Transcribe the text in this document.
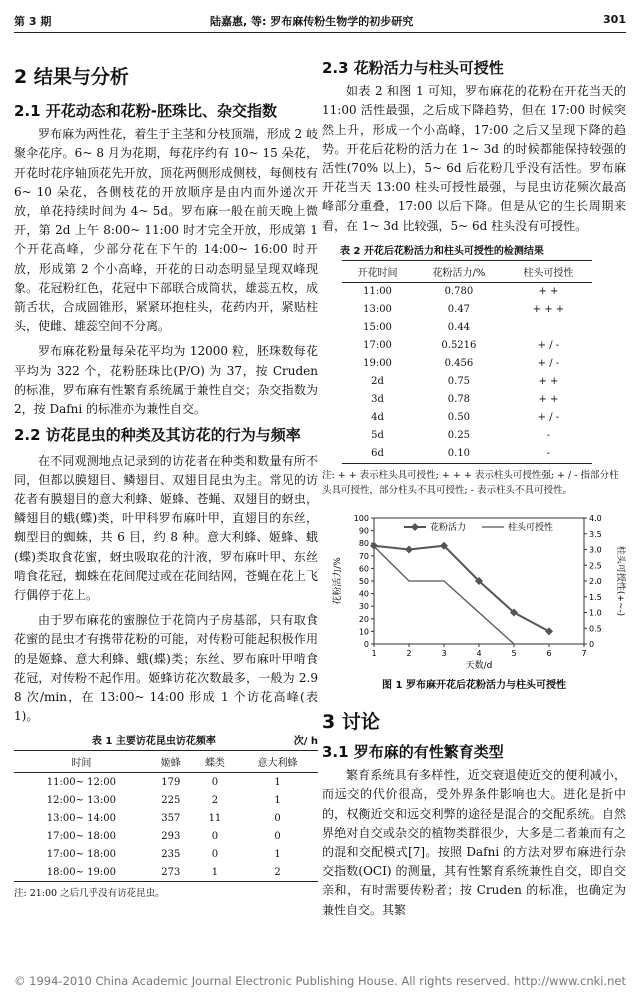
第 3 期	陆嘉惠, 等: 罗布麻传粉生物学的初步研究	301
2 结果与分析
2.1 开花动态和花粉-胚珠比、杂交指数

罗布麻为两性花，着生于主茎和分枝顶端，形成 2 岐聚伞花序。6~ 8 月为花期，每花序约有 10~ 15 朵花，开花时花序轴顶花先开放，顶花两侧形成侧枝，每侧枝有 6~ 10 朵花，各侧枝花的开放顺序是由内而外递次开放，单花持续时间为 4~ 5d。罗布麻一般在前天晚上微开，第 2d 上午 8:00~ 11:00 时才完全开放，形成第 1 个开花高峰，少部分花在下午的 14:00~ 16:00 时开放，形成第 2 个小高峰，开花的日动态明显呈现双峰现象。花冠粉红色，花冠中下部联合成筒状，雄蕊五枚，成箭舌状，合成圆锥形，紧紧环抱柱头，花药内开，紧贴柱头，使雌、雄蕊空间不分离。

罗布麻花粉量每朵花平均为 12000 粒，胚珠数每花平均为 322 个，花粉胚珠比(P/O) 为 37，按 Cruden 的标准，罗布麻有性繁育系统属于兼性自交；杂交指数为 2，按 Dafni 的标准亦为兼性自交。

2.2 访花昆虫的种类及其访花的行为与频率

在不同观测地点记录到的访花者在种类和数量有所不同，但都以膜翅目、鳞翅目、双翅目昆虫为主。常见的访花者有膜翅目的意大利蜂、姬蜂、苍蝇、双翅目的蚜虫，鳞翅目的蛾(蝶)类，叶甲科罗布麻叶甲，直翅目的东丝，蜘型目的蜘蛛，共 6 目，约 8 种。意大利蜂、姬蜂、蛾(蝶)类取食花蜜，蚜虫吸取花的汁液，罗布麻叶甲、东丝啃食花冠，蜘蛛在花间爬过或在花间结网，苍蝇在花上飞行偶停于花上。

由于罗布麻花的蜜腺位于花筒内子房基部，只有取食花蜜的昆虫才有携带花粉的可能，对传粉可能起积极作用的是姬蜂、意大利蜂、蛾(蝶)类；东丝、罗布麻叶甲啃食花冠，对传粉不起作用。姬蜂访花次数最多，一般为 2.98 次/min，在 13:00~ 14:00 形成 1 个访花高峰(表 1)。

表 1 主要访花昆虫访花频率	次/ h
时间	姬蜂	蝶类	意大利蜂
11:00~ 12:00	179	0	1
12:00~ 13:00	225	2	1
13:00~ 14:00	357	11	0
17:00~ 18:00	293	0	0
17:00~ 18:00	235	0	1
18:00~ 19:00	273	1	2

注: 21:00 之后几乎没有访花昆虫。

2.3 花粉活力与柱头可授性

如表 2 和图 1 可知，罗布麻花的花粉在开花当天的 11:00 活性最强，之后成下降趋势，但在 17:00 时候突然上升，形成一个小高峰，17:00 之后又呈现下降的趋势。开花后花粉的活力在 1~ 3d 的时候都能保持较强的活性(70% 以上)，5~ 6d 后花粉几乎没有活性。罗布麻开花当天 13:00 柱头可授性最强，与昆虫访花频次最高峰部分重叠，17:00 以后下降。但是从它的生长周期来看，在 1~ 3d 比较强，5~ 6d 柱头没有可授性。

表 2 开花后花粉活力和柱头可授性的检测结果
开花时间	花粉活力/%	柱头可授性
11:00	0.780	+ +
13:00	0.47	+ + +
15:00	0.44	
17:00	0.5216	+ / -
19:00	0.456	+ / -
2d	0.75	+ +
3d	0.78	+ +
4d	0.50	+ / -
5d	0.25	-
6d	0.10	-

注: + + 表示柱头具可授性; + + + 表示柱头可授性强; + / - 指部分柱头具可授性，部分柱头不具可授性; - 表示柱头不具可授性。

0
10
20
30
40
50
60
70
80
90
100
0
0.5
1.0
1.5
2.0
2.5
3.0
3.5
4.0
1	2	3	4	5	6	7
天数/d
花粉活力/%	柱头可授性(+~-)
花粉活力	柱头可授性
图 1 罗布麻开花后花粉活力与柱头可授性
3 讨论
3.1 罗布麻的有性繁育类型

繁育系统具有多样性，近交衰退使近交的便利减小，而远交的代价很高，受外界条件影响也大。进化是折中的，权衡近交和远交利弊的途径是混合的交配系统。自然界绝对自交或杂交的植物类群很少，大多是二者兼而有之的混和交配模式[7]。按照 Dafni 的方法对罗布麻进行杂交指数(OCI) 的测量，其有性繁育系统兼性自交，即自交亲和，有时需要传粉者；按 Cruden 的标准，也确定为兼性自交。其繁

© 1994-2010 China Academic Journal Electronic Publishing House. All rights reserved. http://www.cnki.net
